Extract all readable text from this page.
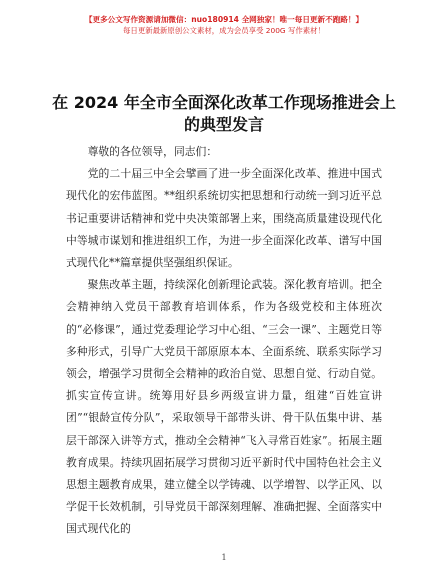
【更多公文写作资源请加微信：nuo180914 全网独家！唯一每日更新不跑路！】
每日更新最新原创公文素材，成为会员享受 200G 写作素材！
在 2024 年全市全面深化改革工作现场推进会上
的典型发言

尊敬的各位领导，同志们：

党的二十届三中全会擘画了进一步全面深化改革、推进中国式现代化的宏伟蓝图。**组织系统切实把思想和行动统一到习近平总书记重要讲话精神和党中央决策部署上来，围绕高质量建设现代化中等城市谋划和推进组织工作，为进一步全面深化改革、谱写中国式现代化**篇章提供坚强组织保证。

聚焦改革主题，持续深化创新理论武装。深化教育培训。把全会精神纳入党员干部教育培训体系，作为各级党校和主体班次的“必修课”，通过党委理论学习中心组、“三会一课”、主题党日等多种形式，引导广大党员干部原原本本、全面系统、联系实际学习领会，增强学习贯彻全会精神的政治自觉、思想自觉、行动自觉。抓实宣传宣讲。统筹用好县乡两级宣讲力量，组建“百姓宣讲团”“银龄宣传分队”，采取领导干部带头讲、骨干队伍集中讲、基层干部深入讲等方式，推动全会精神“飞入寻常百姓家”。拓展主题教育成果。持续巩固拓展学习贯彻习近平新时代中国特色社会主义思想主题教育成果，建立健全以学铸魂、以学增智、以学正风、以学促干长效机制，引导党员干部深刻理解、准确把握、全面落实中国式现代化的

1
